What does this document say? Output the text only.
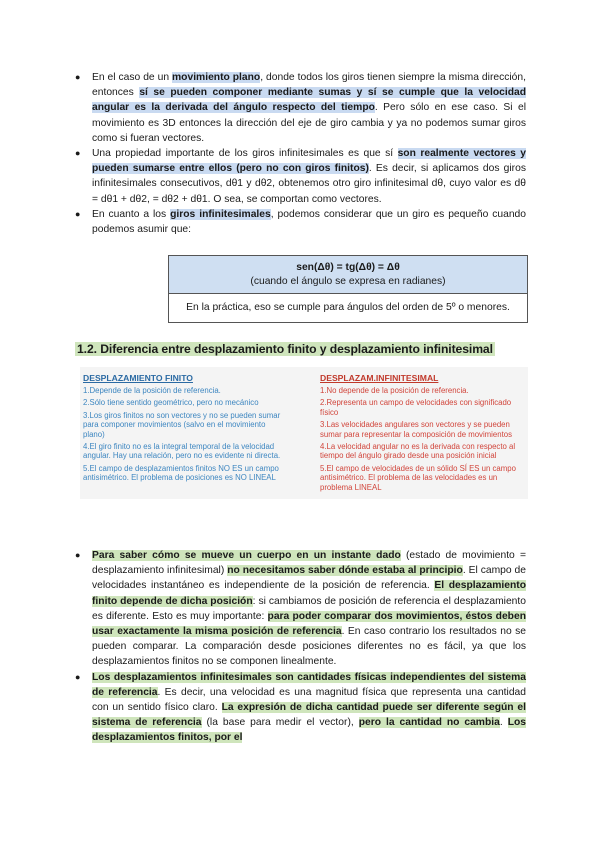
● En el caso de un movimiento plano, donde todos los giros tienen siempre la misma dirección, entonces sí se pueden componer mediante sumas y sí se cumple que la velocidad angular es la derivada del ángulo respecto del tiempo. Pero sólo en ese caso. Si el movimiento es 3D entonces la dirección del eje de giro cambia y ya no podemos sumar giros como si fueran vectores.
● Una propiedad importante de los giros infinitesimales es que sí son realmente vectores y pueden sumarse entre ellos (pero no con giros finitos). Es decir, si aplicamos dos giros infinitesimales consecutivos, dθ1 y dθ2, obtenemos otro giro infinitesimal dθ, cuyo valor es dθ = dθ1 + dθ2, = dθ2 + dθ1. O sea, se comportan como vectores.
● En cuanto a los giros infinitesimales, podemos considerar que un giro es pequeño cuando podemos asumir que:
sen(Δθ) = tg(Δθ) = Δθ
(cuando el ángulo se expresa en radianes)
En la práctica, eso se cumple para ángulos del orden de 5º o menores.
1.2. Diferencia entre desplazamiento finito y desplazamiento infinitesimal
DESPLAZAMIENTO FINITO
1.Depende de la posición de referencia.
2.Sólo tiene sentido geométrico, pero no mecánico
3.Los giros finitos no son vectores y no se pueden sumar para componer movimientos (salvo en el movimiento plano)
4.El giro finito no es la integral temporal de la velocidad angular. Hay una relación, pero no es evidente ni directa.
5.El campo de desplazamientos finitos NO ES un campo antisimétrico. El problema de posiciones es NO LINEAL
DESPLAZAM.INFINITESIMAL
1.No depende de la posición de referencia.
2.Representa un campo de velocidades con significado físico
3.Las velocidades angulares son vectores y se pueden sumar para representar la composición de movimientos
4.La velocidad angular no es la derivada con respecto al tiempo del ángulo girado desde una posición inicial
5.El campo de velocidades de un sólido SÍ ES un campo antisimétrico. El problema de las velocidades es un problema LINEAL
● Para saber cómo se mueve un cuerpo en un instante dado (estado de movimiento = desplazamiento infinitesimal) no necesitamos saber dónde estaba al principio. El campo de velocidades instantáneo es independiente de la posición de referencia. El desplazamiento finito depende de dicha posición: si cambiamos de posición de referencia el desplazamiento es diferente. Esto es muy importante: para poder comparar dos movimientos, éstos deben usar exactamente la misma posición de referencia. En caso contrario los resultados no se pueden comparar. La comparación desde posiciones diferentes no es fácil, ya que los desplazamientos finitos no se componen linealmente.
● Los desplazamientos infinitesimales son cantidades físicas independientes del sistema de referencia. Es decir, una velocidad es una magnitud física que representa una cantidad con un sentido físico claro. La expresión de dicha cantidad puede ser diferente según el sistema de referencia (la base para medir el vector), pero la cantidad no cambia. Los desplazamientos finitos, por el
